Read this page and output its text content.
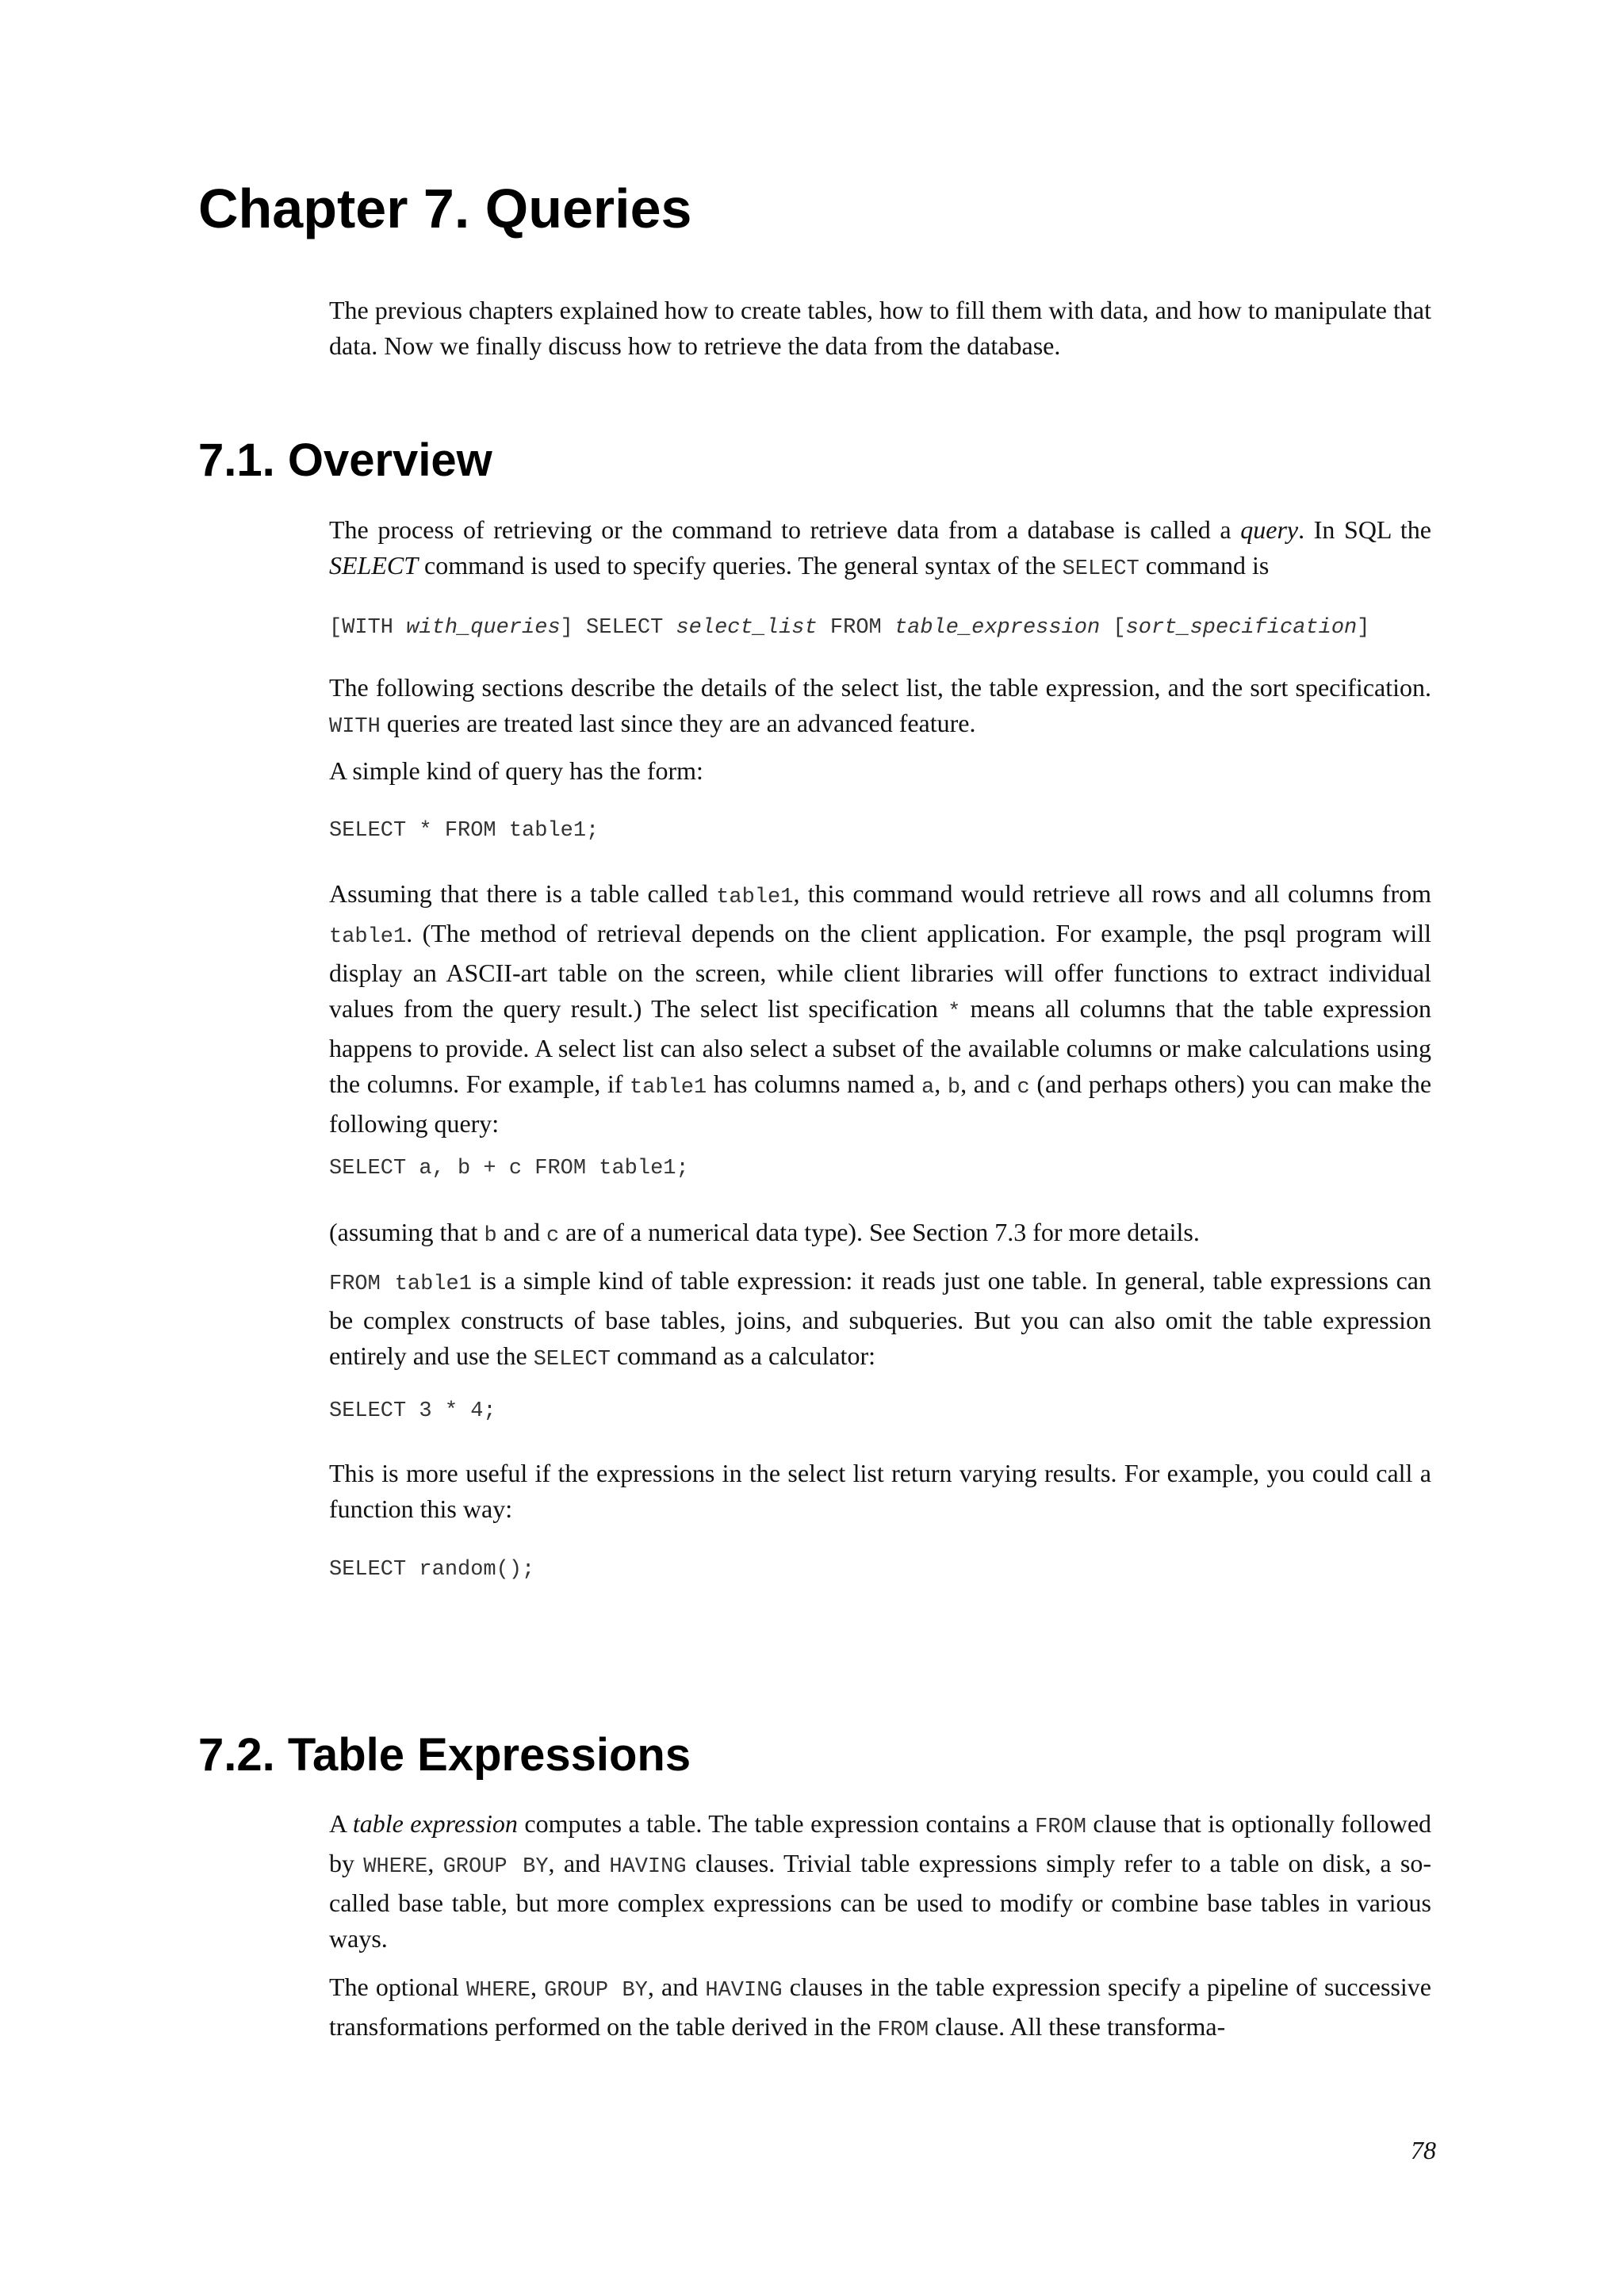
Chapter 7. Queries

The previous chapters explained how to create tables, how to fill them with data, and how to manipulate that data. Now we finally discuss how to retrieve the data from the database.

7.1. Overview

The process of retrieving or the command to retrieve data from a database is called a query. In SQL the SELECT command is used to specify queries. The general syntax of the SELECT command is

[WITH with_queries] SELECT select_list FROM table_expression [sort_specification]

The following sections describe the details of the select list, the table expression, and the sort specification. WITH queries are treated last since they are an advanced feature.

A simple kind of query has the form:

SELECT * FROM table1;

Assuming that there is a table called table1, this command would retrieve all rows and all columns from table1. (The method of retrieval depends on the client application. For example, the psql program will display an ASCII-art table on the screen, while client libraries will offer functions to extract individual values from the query result.) The select list specification * means all columns that the table expression happens to provide. A select list can also select a subset of the available columns or make calculations using the columns. For example, if table1 has columns named a, b, and c (and perhaps others) you can make the following query:

SELECT a, b + c FROM table1;

(assuming that b and c are of a numerical data type). See Section 7.3 for more details.

FROM table1 is a simple kind of table expression: it reads just one table. In general, table expressions can be complex constructs of base tables, joins, and subqueries. But you can also omit the table expression entirely and use the SELECT command as a calculator:

SELECT 3 * 4;

This is more useful if the expressions in the select list return varying results. For example, you could call a function this way:

SELECT random();
7.2. Table Expressions

A table expression computes a table. The table expression contains a FROM clause that is optionally followed by WHERE, GROUP BY, and HAVING clauses. Trivial table expressions simply refer to a table on disk, a so-called base table, but more complex expressions can be used to modify or combine base tables in various ways.

The optional WHERE, GROUP BY, and HAVING clauses in the table expression specify a pipeline of successive transformations performed on the table derived in the FROM clause. All these transforma-

78
